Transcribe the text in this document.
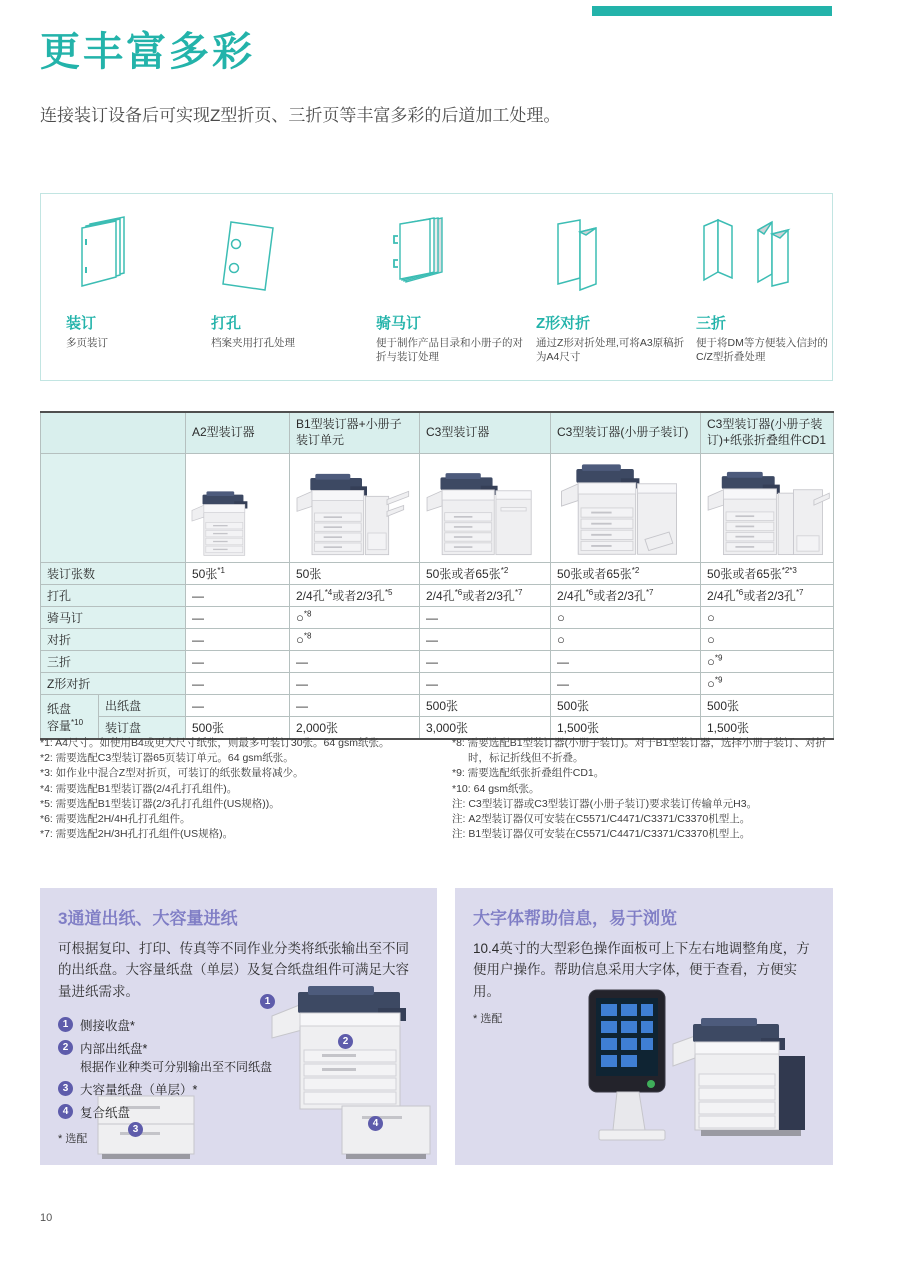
更丰富多彩

连接装订设备后可实现Z型折页、三折页等丰富多彩的后道加工处理。

装订
多页装订
打孔
档案夹用打孔处理
骑马订
便于制作产品目录和小册子的对折与装订处理
Z形对折
通过Z形对折处理,可将A3原稿折为A4尺寸
三折
便于将DM等方便装入信封的C/Z型折叠处理
		A2型装订器	B1型装订器+小册子装订单元	C3型装订器	C3型装订器(小册子装订)	C3型装订器(小册子装订)+纸张折叠组件CD1

装订张数		50张$^{*1}$	50张	50张或者65张$^{*2}$	50张或者65张$^{*2}$	50张或者65张$^{*2*3}$
打孔		—	2/4孔$^{*4}$或者2/3孔$^{*5}$	2/4孔$^{*6}$或者2/3孔$^{*7}$	2/4孔$^{*6}$或者2/3孔$^{*7}$	2/4孔$^{*6}$或者2/3孔$^{*7}$
骑马订		—	○$^{*8}$	—	○	○
对折		—	○$^{*8}$	—	○	○
三折		—	—	—	—	○$^{*9}$
Z形对折		—	—	—	—	○$^{*9}$
纸盘
容量$^{*10}$	出纸盘	—	—	500张	500张	500张
	装订盘	500张	2,000张	3,000张	1,500张	1,500张
*1: A4尺寸。如使用B4或更大尺寸纸张，则最多可装订30张。64 gsm纸张。
*2: 需要选配C3型装订器65页装订单元。64 gsm纸张。
*3: 如作业中混合Z型对折页，可装订的纸张数量将减少。
*4: 需要选配B1型装订器(2/4孔打孔组件)。
*5: 需要选配B1型装订器(2/3孔打孔组件(US规格))。
*6: 需要选配2H/4H孔打孔组件。
*7: 需要选配2H/3H孔打孔组件(US规格)。
*8: 需要选配B1型装订器(小册子装订)。对于B1型装订器，选择小册子装订、对折时，标记折线但不折叠。
*9: 需要选配纸张折叠组件CD1。
*10: 64 gsm纸张。
注: C3型装订器或C3型装订器(小册子装订)要求装订传输单元H3。
注: A2型装订器仅可安装在C5571/C4471/C3371/C3370机型上。
注: B1型装订器仅可安装在C5571/C4471/C3371/C3370机型上。
3通道出纸、大容量进纸
可根据复印、打印、传真等不同作业分类将纸张输出至不同的出纸盘。大容量纸盘（单层）及复合纸盘组件可满足大容量进纸需求。
1 侧接收盘*
2 内部出纸盘*
根据作业种类可分别输出至不同纸盘
3 大容量纸盘（单层）*
4 复合纸盘
* 选配
1
2
3
4
大字体帮助信息，易于浏览
10.4英寸的大型彩色操作面板可上下左右地调整角度，方便用户操作。帮助信息采用大字体，便于查看，方便实用。
* 选配
10
